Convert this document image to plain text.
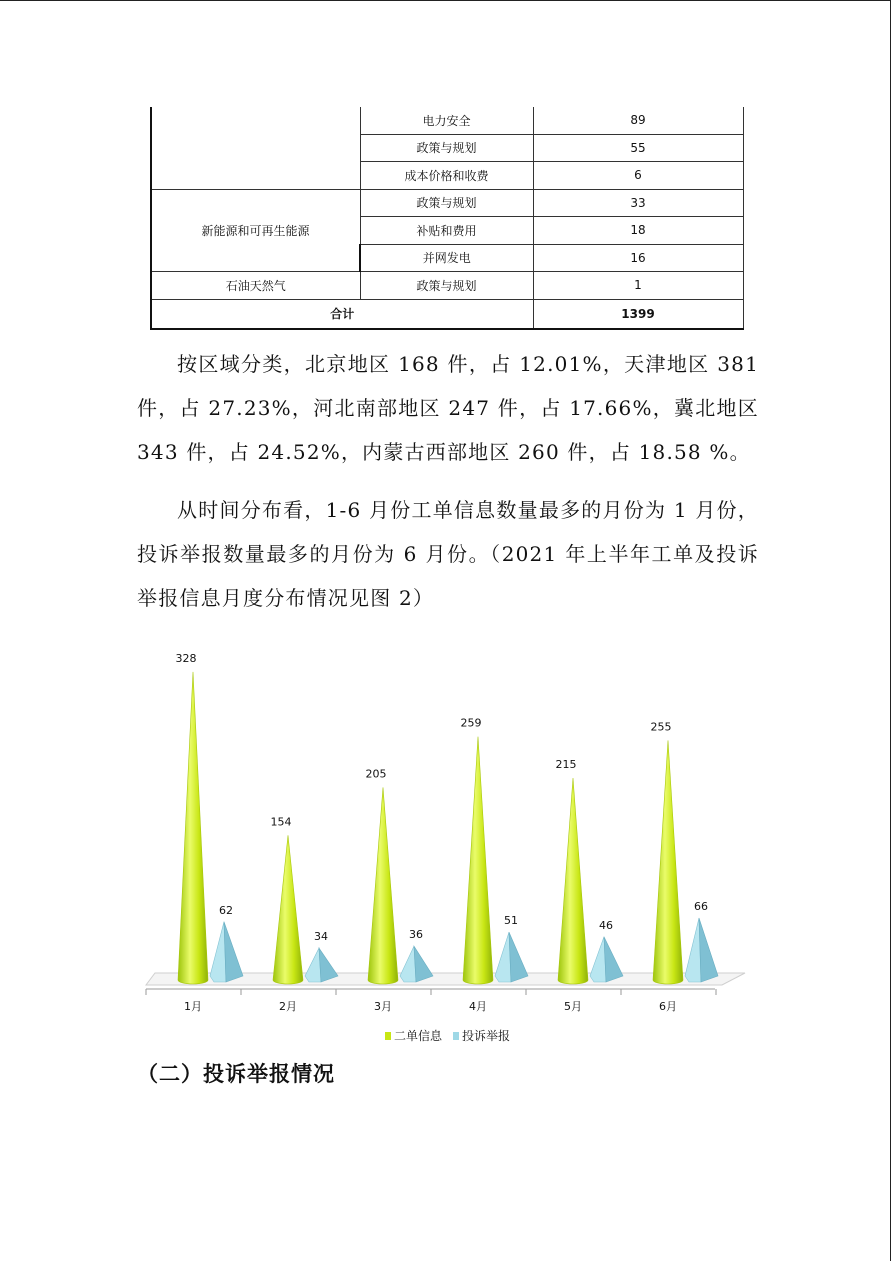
	电力安全	89
	政策与规划	55
	成本价格和收费	6
新能源和可再生能源	政策与规划	33
	补贴和费用	18
	并网发电	16
石油天然气	政策与规划	1
合计		1399

按区域分类，北京地区 168 件，占 12.01%，天津地区 381 件，占 27.23%，河北南部地区 247 件，占 17.66%，冀北地区 343 件，占 24.52%，内蒙古西部地区 260 件，占 18.58 %。

从时间分布看，1-6 月份工单信息数量最多的月份为 1 月份，投诉举报数量最多的月份为 6 月份。（2021 年上半年工单及投诉举报信息月度分布情况见图 2）

328
62
154
34
205
36
259
51
215
46
255
66
1月	2月	3月	4月	5月	6月
二单信息 投诉举报
（二）投诉举报情况
